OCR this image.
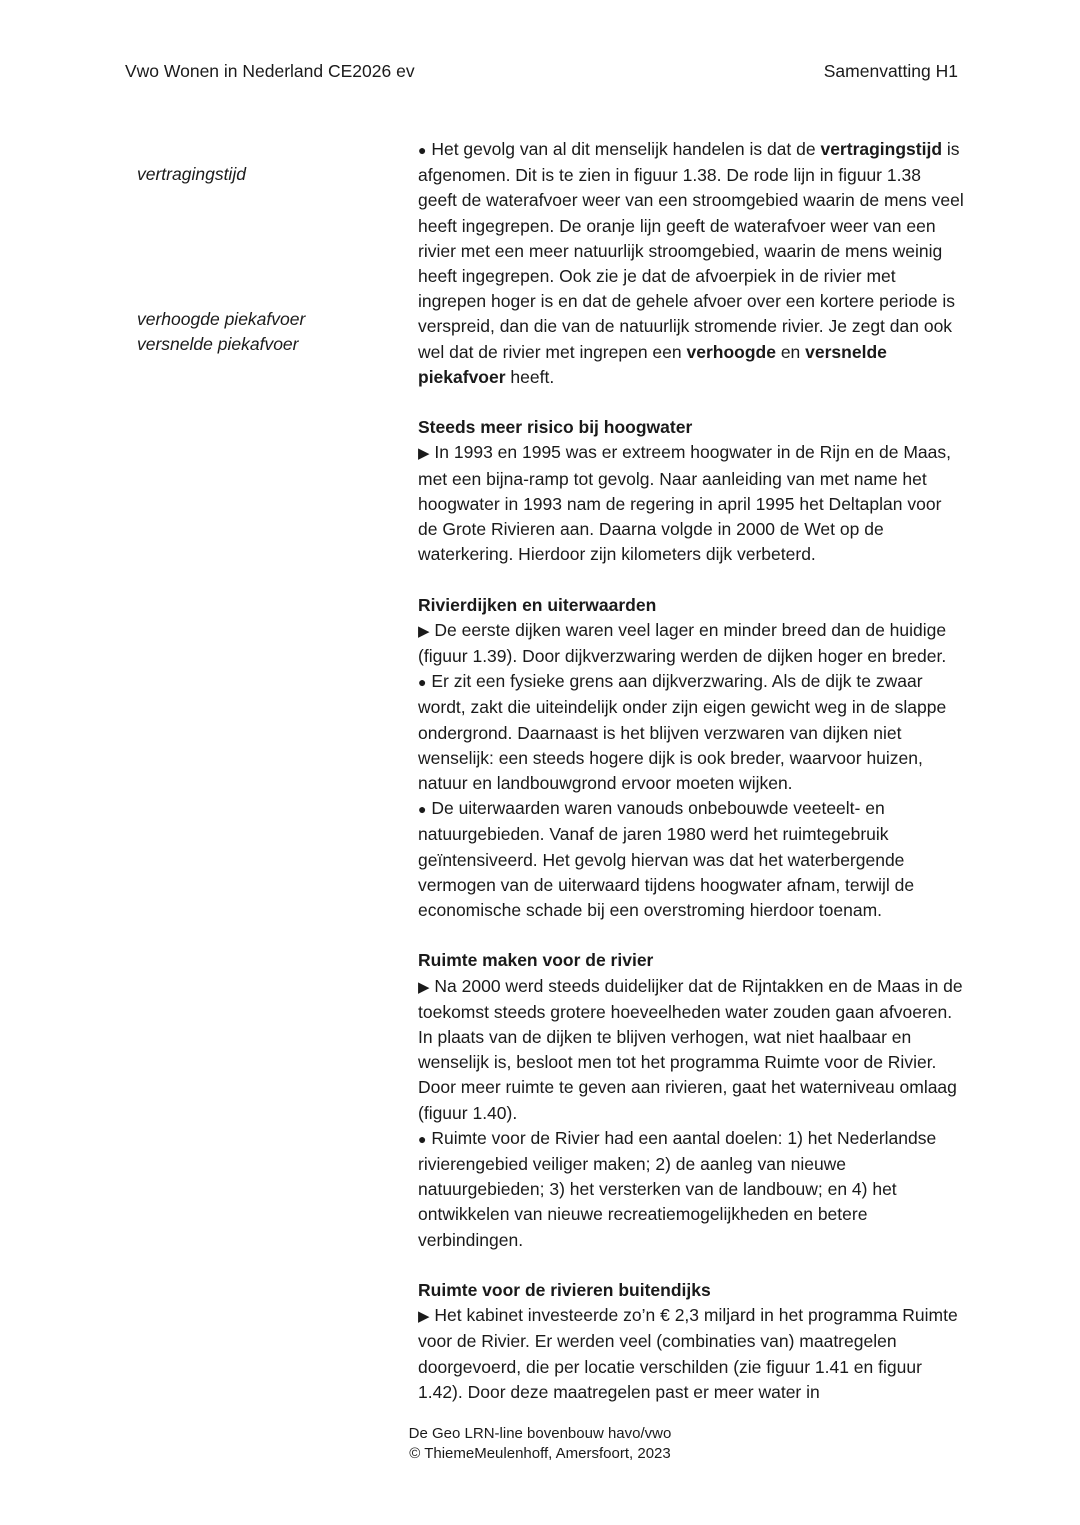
Vwo Wonen in Nederland CE2026 ev	Samenvatting H1
vertragingstijd
verhoogde piekafvoer
versnelde piekafvoer

● Het gevolg van al dit menselijk handelen is dat de vertragingstijd is afgenomen. Dit is te zien in figuur 1.38. De rode lijn in figuur 1.38 geeft de waterafvoer weer van een stroomgebied waarin de mens veel heeft ingegrepen. De oranje lijn geeft de waterafvoer weer van een rivier met een meer natuurlijk stroomgebied, waarin de mens weinig heeft ingegrepen. Ook zie je dat de afvoerpiek in de rivier met ingrepen hoger is en dat de gehele afvoer over een kortere periode is verspreid, dan die van de natuurlijk stromende rivier. Je zegt dan ook wel dat de rivier met ingrepen een verhoogde en versnelde piekafvoer heeft.

Steeds meer risico bij hoogwater

▶ In 1993 en 1995 was er extreem hoogwater in de Rijn en de Maas, met een bijna-ramp tot gevolg. Naar aanleiding van met name het hoogwater in 1993 nam de regering in april 1995 het Deltaplan voor de Grote Rivieren aan. Daarna volgde in 2000 de Wet op de waterkering. Hierdoor zijn kilometers dijk verbeterd.

Rivierdijken en uiterwaarden

▶ De eerste dijken waren veel lager en minder breed dan de huidige (figuur 1.39). Door dijkverzwaring werden de dijken hoger en breder.

● Er zit een fysieke grens aan dijkverzwaring. Als de dijk te zwaar wordt, zakt die uiteindelijk onder zijn eigen gewicht weg in de slappe ondergrond. Daarnaast is het blijven verzwaren van dijken niet wenselijk: een steeds hogere dijk is ook breder, waarvoor huizen, natuur en landbouwgrond ervoor moeten wijken.

● De uiterwaarden waren vanouds onbebouwde veeteelt- en natuurgebieden. Vanaf de jaren 1980 werd het ruimtegebruik geïntensiveerd. Het gevolg hiervan was dat het waterbergende vermogen van de uiterwaard tijdens hoogwater afnam, terwijl de economische schade bij een overstroming hierdoor toenam.

Ruimte maken voor de rivier

▶ Na 2000 werd steeds duidelijker dat de Rijntakken en de Maas in de toekomst steeds grotere hoeveelheden water zouden gaan afvoeren. In plaats van de dijken te blijven verhogen, wat niet haalbaar en wenselijk is, besloot men tot het programma Ruimte voor de Rivier. Door meer ruimte te geven aan rivieren, gaat het waterniveau omlaag (figuur 1.40).

● Ruimte voor de Rivier had een aantal doelen: 1) het Nederlandse rivierengebied veiliger maken; 2) de aanleg van nieuwe natuurgebieden; 3) het versterken van de landbouw; en 4) het ontwikkelen van nieuwe recreatiemogelijkheden en betere verbindingen.

Ruimte voor de rivieren buitendijks

▶ Het kabinet investeerde zo’n € 2,3 miljard in het programma Ruimte voor de Rivier. Er werden veel (combinaties van) maatregelen doorgevoerd, die per locatie verschilden (zie figuur 1.41 en figuur 1.42). Door deze maatregelen past er meer water in

De Geo LRN-line bovenbouw havo/vwo
© ThiemeMeulenhoff, Amersfoort, 2023
